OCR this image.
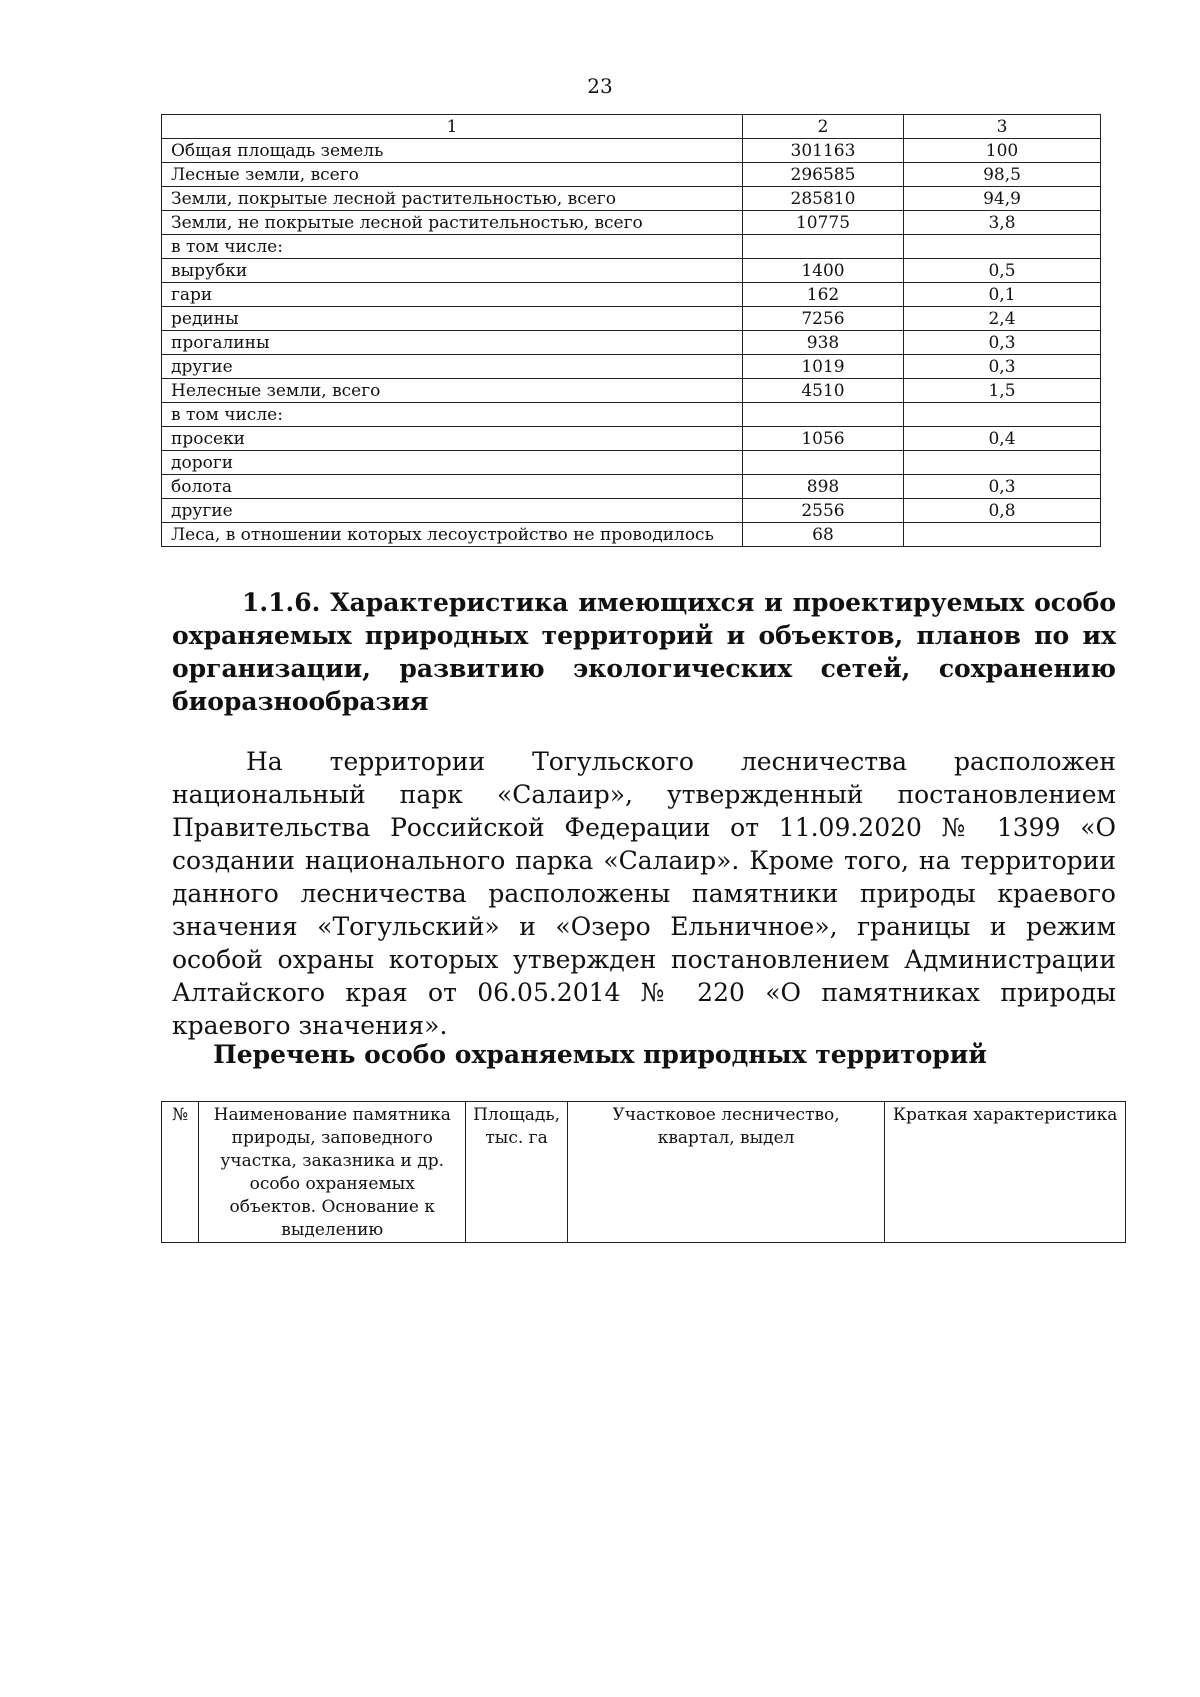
23
1	2	3
Общая площадь земель	301163	100
Лесные земли, всего	296585	98,5
Земли, покрытые лесной растительностью, всего	285810	94,9
Земли, не покрытые лесной растительностью, всего	10775	3,8
в том числе:		
вырубки	1400	0,5
гари	162	0,1
редины	7256	2,4
прогалины	938	0,3
другие	1019	0,3
Нелесные земли, всего	4510	1,5
в том числе:		
просеки	1056	0,4
дороги		
болота	898	0,3
другие	2556	0,8
Леса, в отношении которых лесоустройство не проводилось	68	
1.1.6. Характеристика имеющихся и проектируемых особо охраняемых природных территорий и объектов, планов по их организации, развитию экологических сетей, сохранению биоразнообразия
На территории Тогульского лесничества расположен национальный парк «Салаир», утвержденный постановлением Правительства Российской Федерации от 11.09.2020 № 1399 «О создании национального парка «Салаир». Кроме того, на территории данного лесничества расположены памятники природы краевого значения «Тогульский» и «Озеро Ельничное», границы и режим особой охраны которых утвержден постановлением Администрации Алтайского края от 06.05.2014 № 220 «О памятниках природы краевого значения».
Перечень особо охраняемых природных территорий
№	Наименование памятника природы, заповедного участка, заказника и др. особо охраняемых объектов. Основание к выделению	Площадь, тыс. га	Участковое лесничество, квартал, выдел	Краткая характеристика
